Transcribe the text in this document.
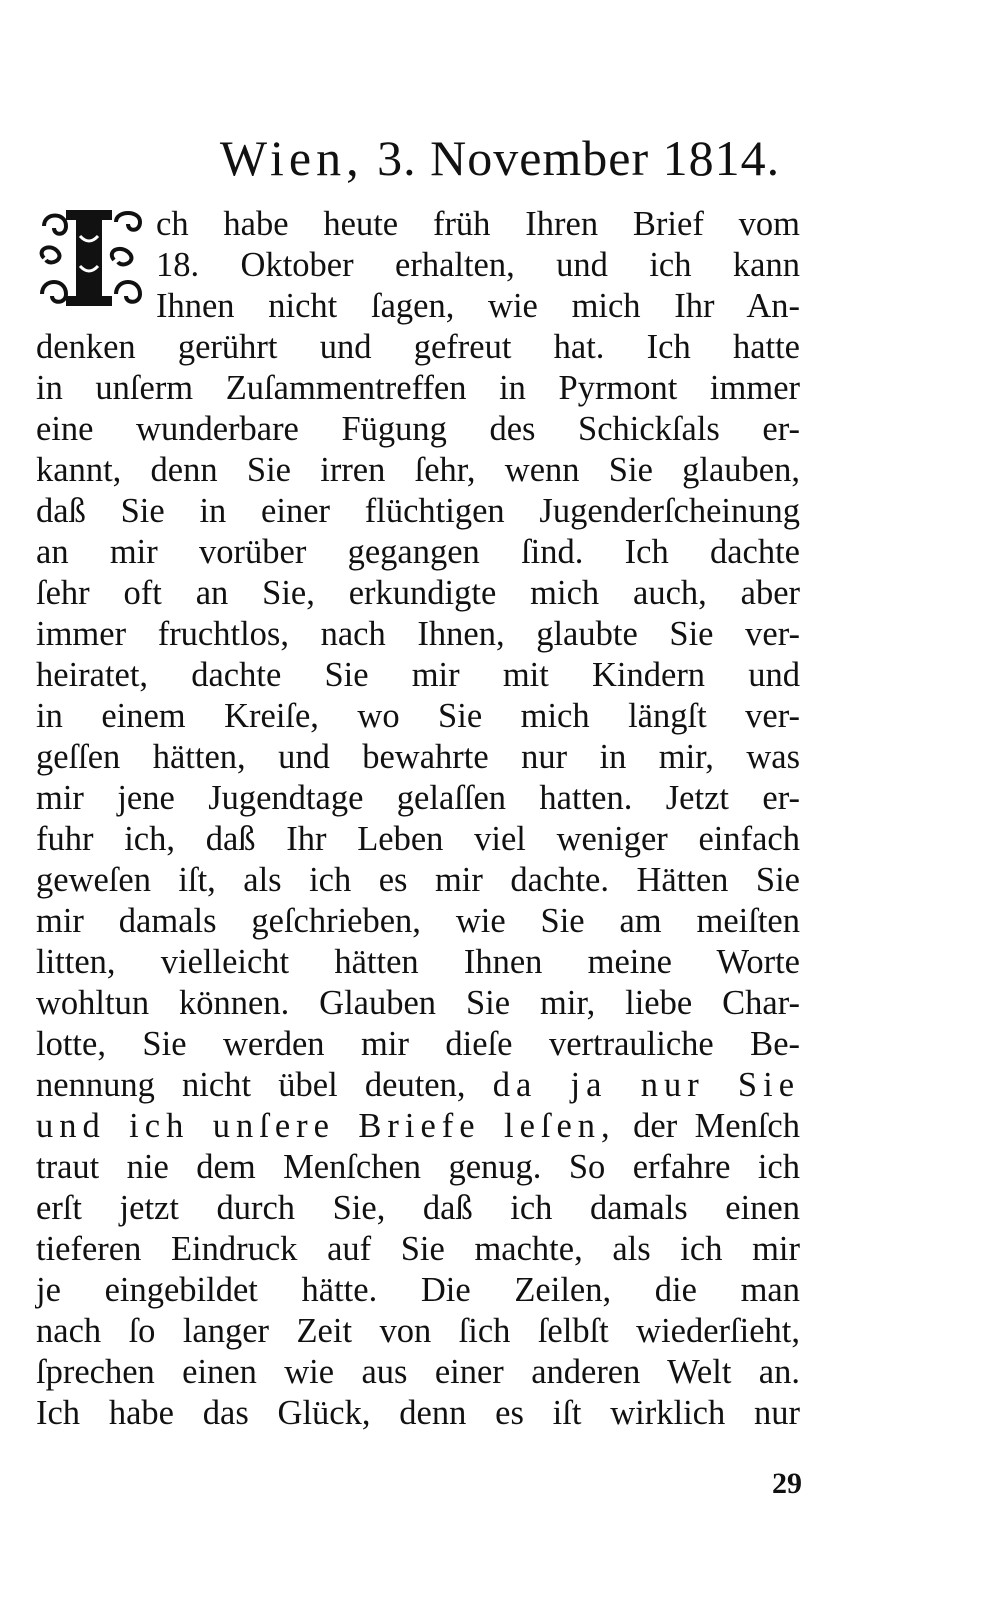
Wien, 3. November 1814.
ch habe heute früh Ihren Brief vom
18. Oktober erhalten, und ich kann
Ihnen nicht ſagen, wie mich Ihr An-
denken gerührt und gefreut hat. Ich hatte
in unſerm Zuſammentreffen in Pyrmont immer
eine wunderbare Fügung des Schickſals er-
kannt, denn Sie irren ſehr, wenn Sie glauben,
daß Sie in einer flüchtigen Jugenderſcheinung
an mir vorüber gegangen ſind. Ich dachte
ſehr oft an Sie, erkundigte mich auch, aber
immer fruchtlos, nach Ihnen, glaubte Sie ver-
heiratet, dachte Sie mir mit Kindern und
in einem Kreiſe, wo Sie mich längſt ver-
geſſen hätten, und bewahrte nur in mir, was
mir jene Jugendtage gelaſſen hatten. Jetzt er-
fuhr ich, daß Ihr Leben viel weniger einfach
geweſen iſt, als ich es mir dachte. Hätten Sie
mir damals geſchrieben, wie Sie am meiſten
litten, vielleicht hätten Ihnen meine Worte
wohltun können. Glauben Sie mir, liebe Char-
lotte, Sie werden mir dieſe vertrauliche Be-
nennung nicht übel deuten, da ja nur Sie
und ich unſere Briefe leſen, der Menſch
traut nie dem Menſchen genug. So erfahre ich
erſt jetzt durch Sie, daß ich damals einen
tieferen Eindruck auf Sie machte, als ich mir
je eingebildet hätte. Die Zeilen, die man
nach ſo langer Zeit von ſich ſelbſt wiederſieht,
ſprechen einen wie aus einer anderen Welt an.
Ich habe das Glück, denn es iſt wirklich nur
29
